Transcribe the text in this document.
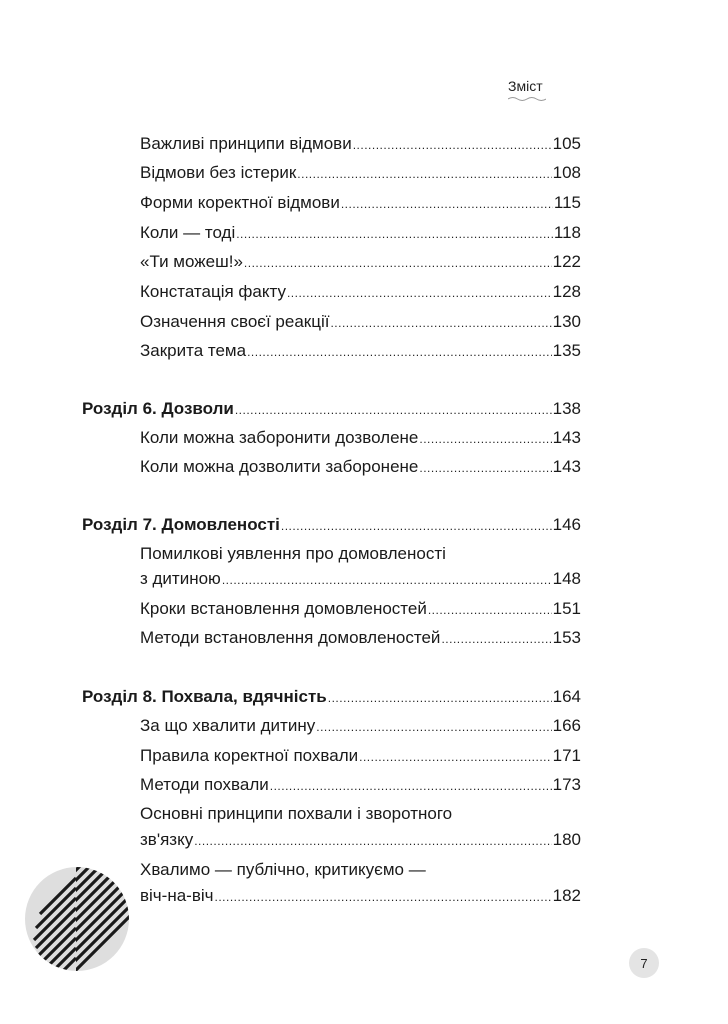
Зміст
Важливі принципи відмови .....	105
Відмови без істерик .....	108
Форми коректної відмови .....	115
Коли — тоді .....	118
«Ти можеш!» .....	122
Констатація факту .....	128
Означення своєї реакції .....	130
Закрита тема .....	135
Розділ 6. Дозволи .....	138
Коли можна заборонити дозволене .....	143
Коли можна дозволити заборонене .....	143
Розділ 7. Домовленості .....	146
Помилкові уявлення про домовленості
з дитиною .....	148
Кроки встановлення домовленостей .....	151
Методи встановлення домовленостей .....	153
Розділ 8. Похвала, вдячність .....	164
За що хвалити дитину .....	166
Правила коректної похвали .....	171
Методи похвали .....	173
Основні принципи похвали і зворотного
зв'язку .....	180
Хвалимо — публічно, критикуємо —
віч-на-віч .....	182
7
